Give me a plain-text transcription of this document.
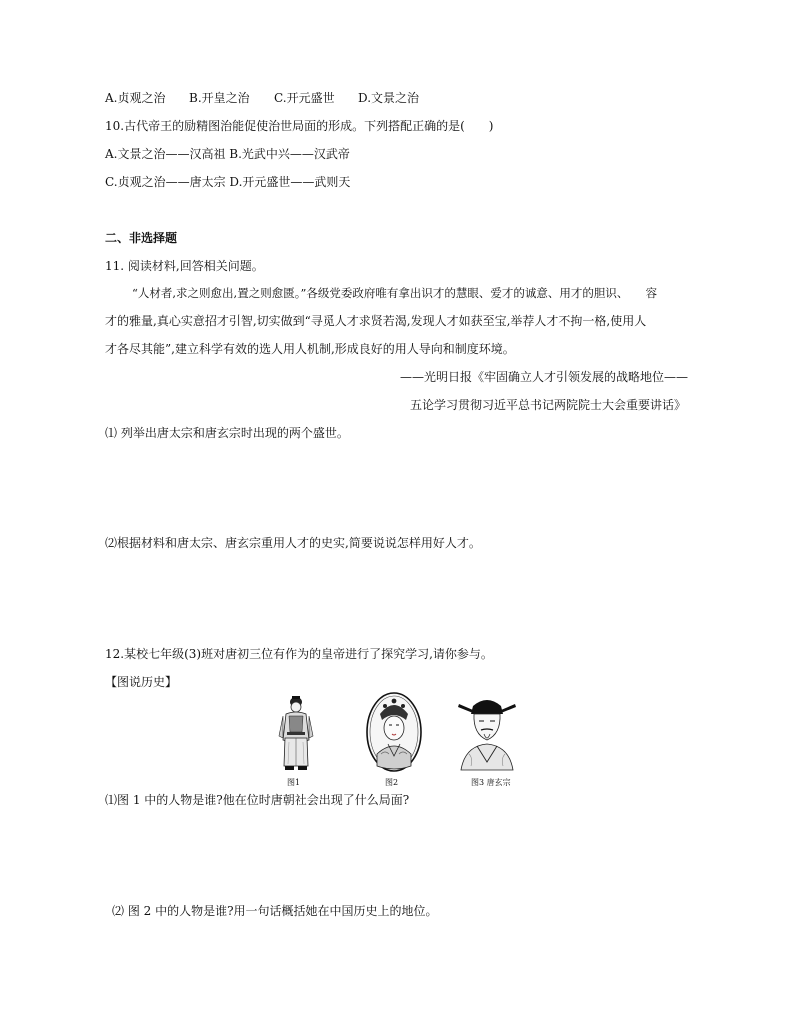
A.贞观之治 B.开皇之治 C.开元盛世 D.文景之治
10.古代帝王的励精图治能促使治世局面的形成。下列搭配正确的是(　　)
A.文景之治——汉高祖 B.光武中兴——汉武帝
C.贞观之治——唐太宗 D.开元盛世——武则天
二、非选择题
11. 阅读材料,回答相关问题。
“人材者,求之则愈出,置之则愈匮。”各级党委政府唯有拿出识才的慧眼、爱才的诚意、用才的胆识、　　容
才的雅量,真心实意招才引智,切实做到“寻觅人才求贤若渴,发现人才如获至宝,举荐人才不拘一格,使用人
才各尽其能”,建立科学有效的选人用人机制,形成良好的用人导向和制度环境。
——光明日报《牢固确立人才引领发展的战略地位——
五论学习贯彻习近平总书记两院院士大会重要讲话》
⑴ 列举出唐太宗和唐玄宗时出现的两个盛世。
⑵根据材料和唐太宗、唐玄宗重用人才的史实,简要说说怎样用好人才。
12.某校七年级(3)班对唐初三位有作为的皇帝进行了探究学习,请你参与。
【图说历史】
图1	图2	图3 唐玄宗
⑴图 1 中的人物是谁?他在位时唐朝社会出现了什么局面?
⑵ 图 2 中的人物是谁?用一句话概括她在中国历史上的地位。
